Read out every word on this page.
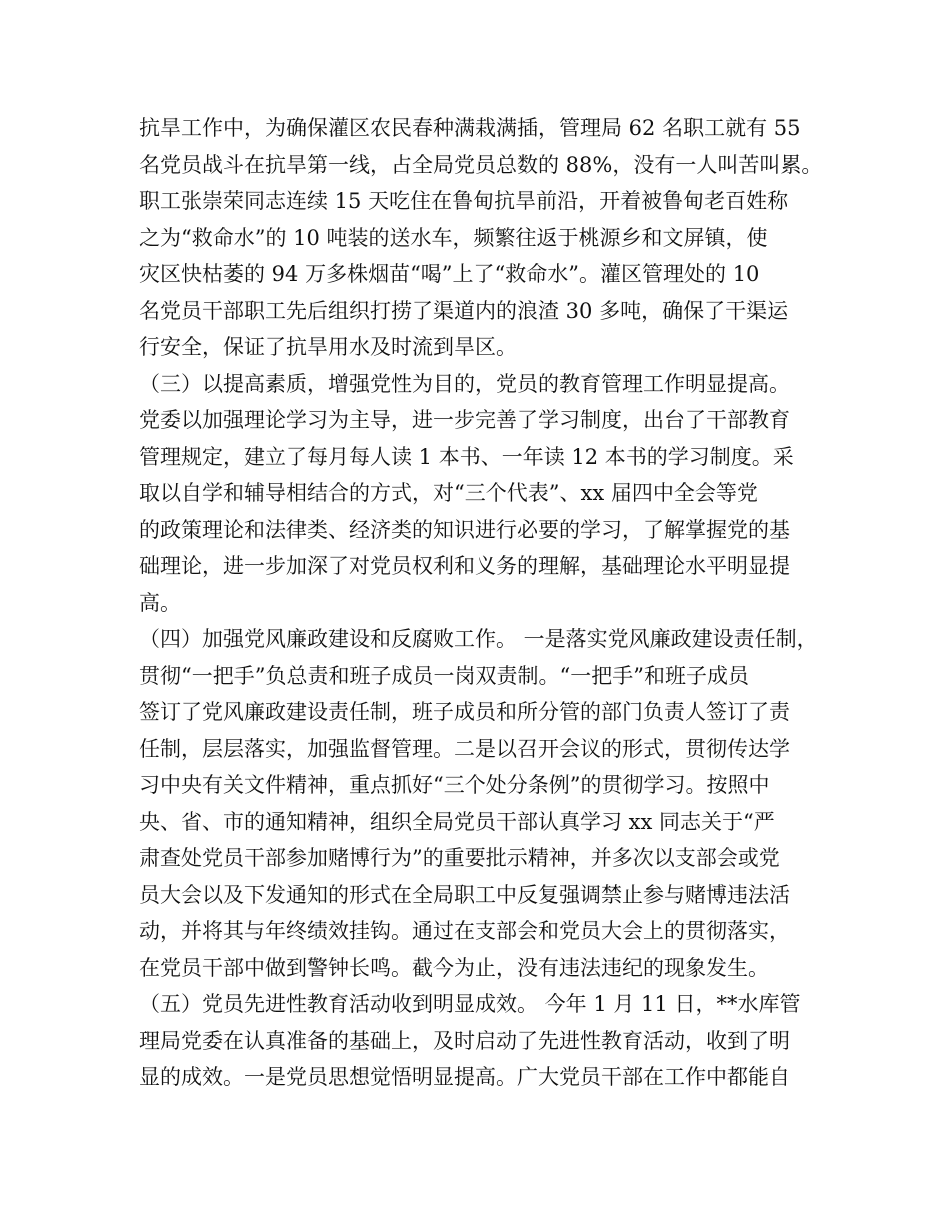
抗旱工作中，为确保灌区农民春种满栽满插，管理局 62 名职工就有 55
名党员战斗在抗旱第一线，占全局党员总数的 88%，没有一人叫苦叫累。
职工张崇荣同志连续 15 天吃住在鲁甸抗旱前沿，开着被鲁甸老百姓称
之为“救命水”的 10 吨装的送水车，频繁往返于桃源乡和文屏镇，使
灾区快枯萎的 94 万多株烟苗“喝”上了“救命水”。灌区管理处的 10
名党员干部职工先后组织打捞了渠道内的浪渣 30 多吨，确保了干渠运
行安全，保证了抗旱用水及时流到旱区。
（三）以提高素质，增强党性为目的，党员的教育管理工作明显提高。
党委以加强理论学习为主导，进一步完善了学习制度，出台了干部教育
管理规定，建立了每月每人读 1 本书、一年读 12 本书的学习制度。采
取以自学和辅导相结合的方式，对“三个代表”、xx 届四中全会等党
的政策理论和法律类、经济类的知识进行必要的学习，了解掌握党的基
础理论，进一步加深了对党员权利和义务的理解，基础理论水平明显提
高。
（四）加强党风廉政建设和反腐败工作。 一是落实党风廉政建设责任制，
贯彻“一把手”负总责和班子成员一岗双责制。“一把手”和班子成员
签订了党风廉政建设责任制，班子成员和所分管的部门负责人签订了责
任制，层层落实，加强监督管理。二是以召开会议的形式，贯彻传达学
习中央有关文件精神，重点抓好“三个处分条例”的贯彻学习。按照中
央、省、市的通知精神，组织全局党员干部认真学习 xx 同志关于“严
肃查处党员干部参加赌博行为”的重要批示精神，并多次以支部会或党
员大会以及下发通知的形式在全局职工中反复强调禁止参与赌博违法活
动，并将其与年终绩效挂钩。通过在支部会和党员大会上的贯彻落实，
在党员干部中做到警钟长鸣。截今为止，没有违法违纪的现象发生。
（五）党员先进性教育活动收到明显成效。 今年 1 月 11 日，**水库管
理局党委在认真准备的基础上，及时启动了先进性教育活动，收到了明
显的成效。一是党员思想觉悟明显提高。广大党员干部在工作中都能自
